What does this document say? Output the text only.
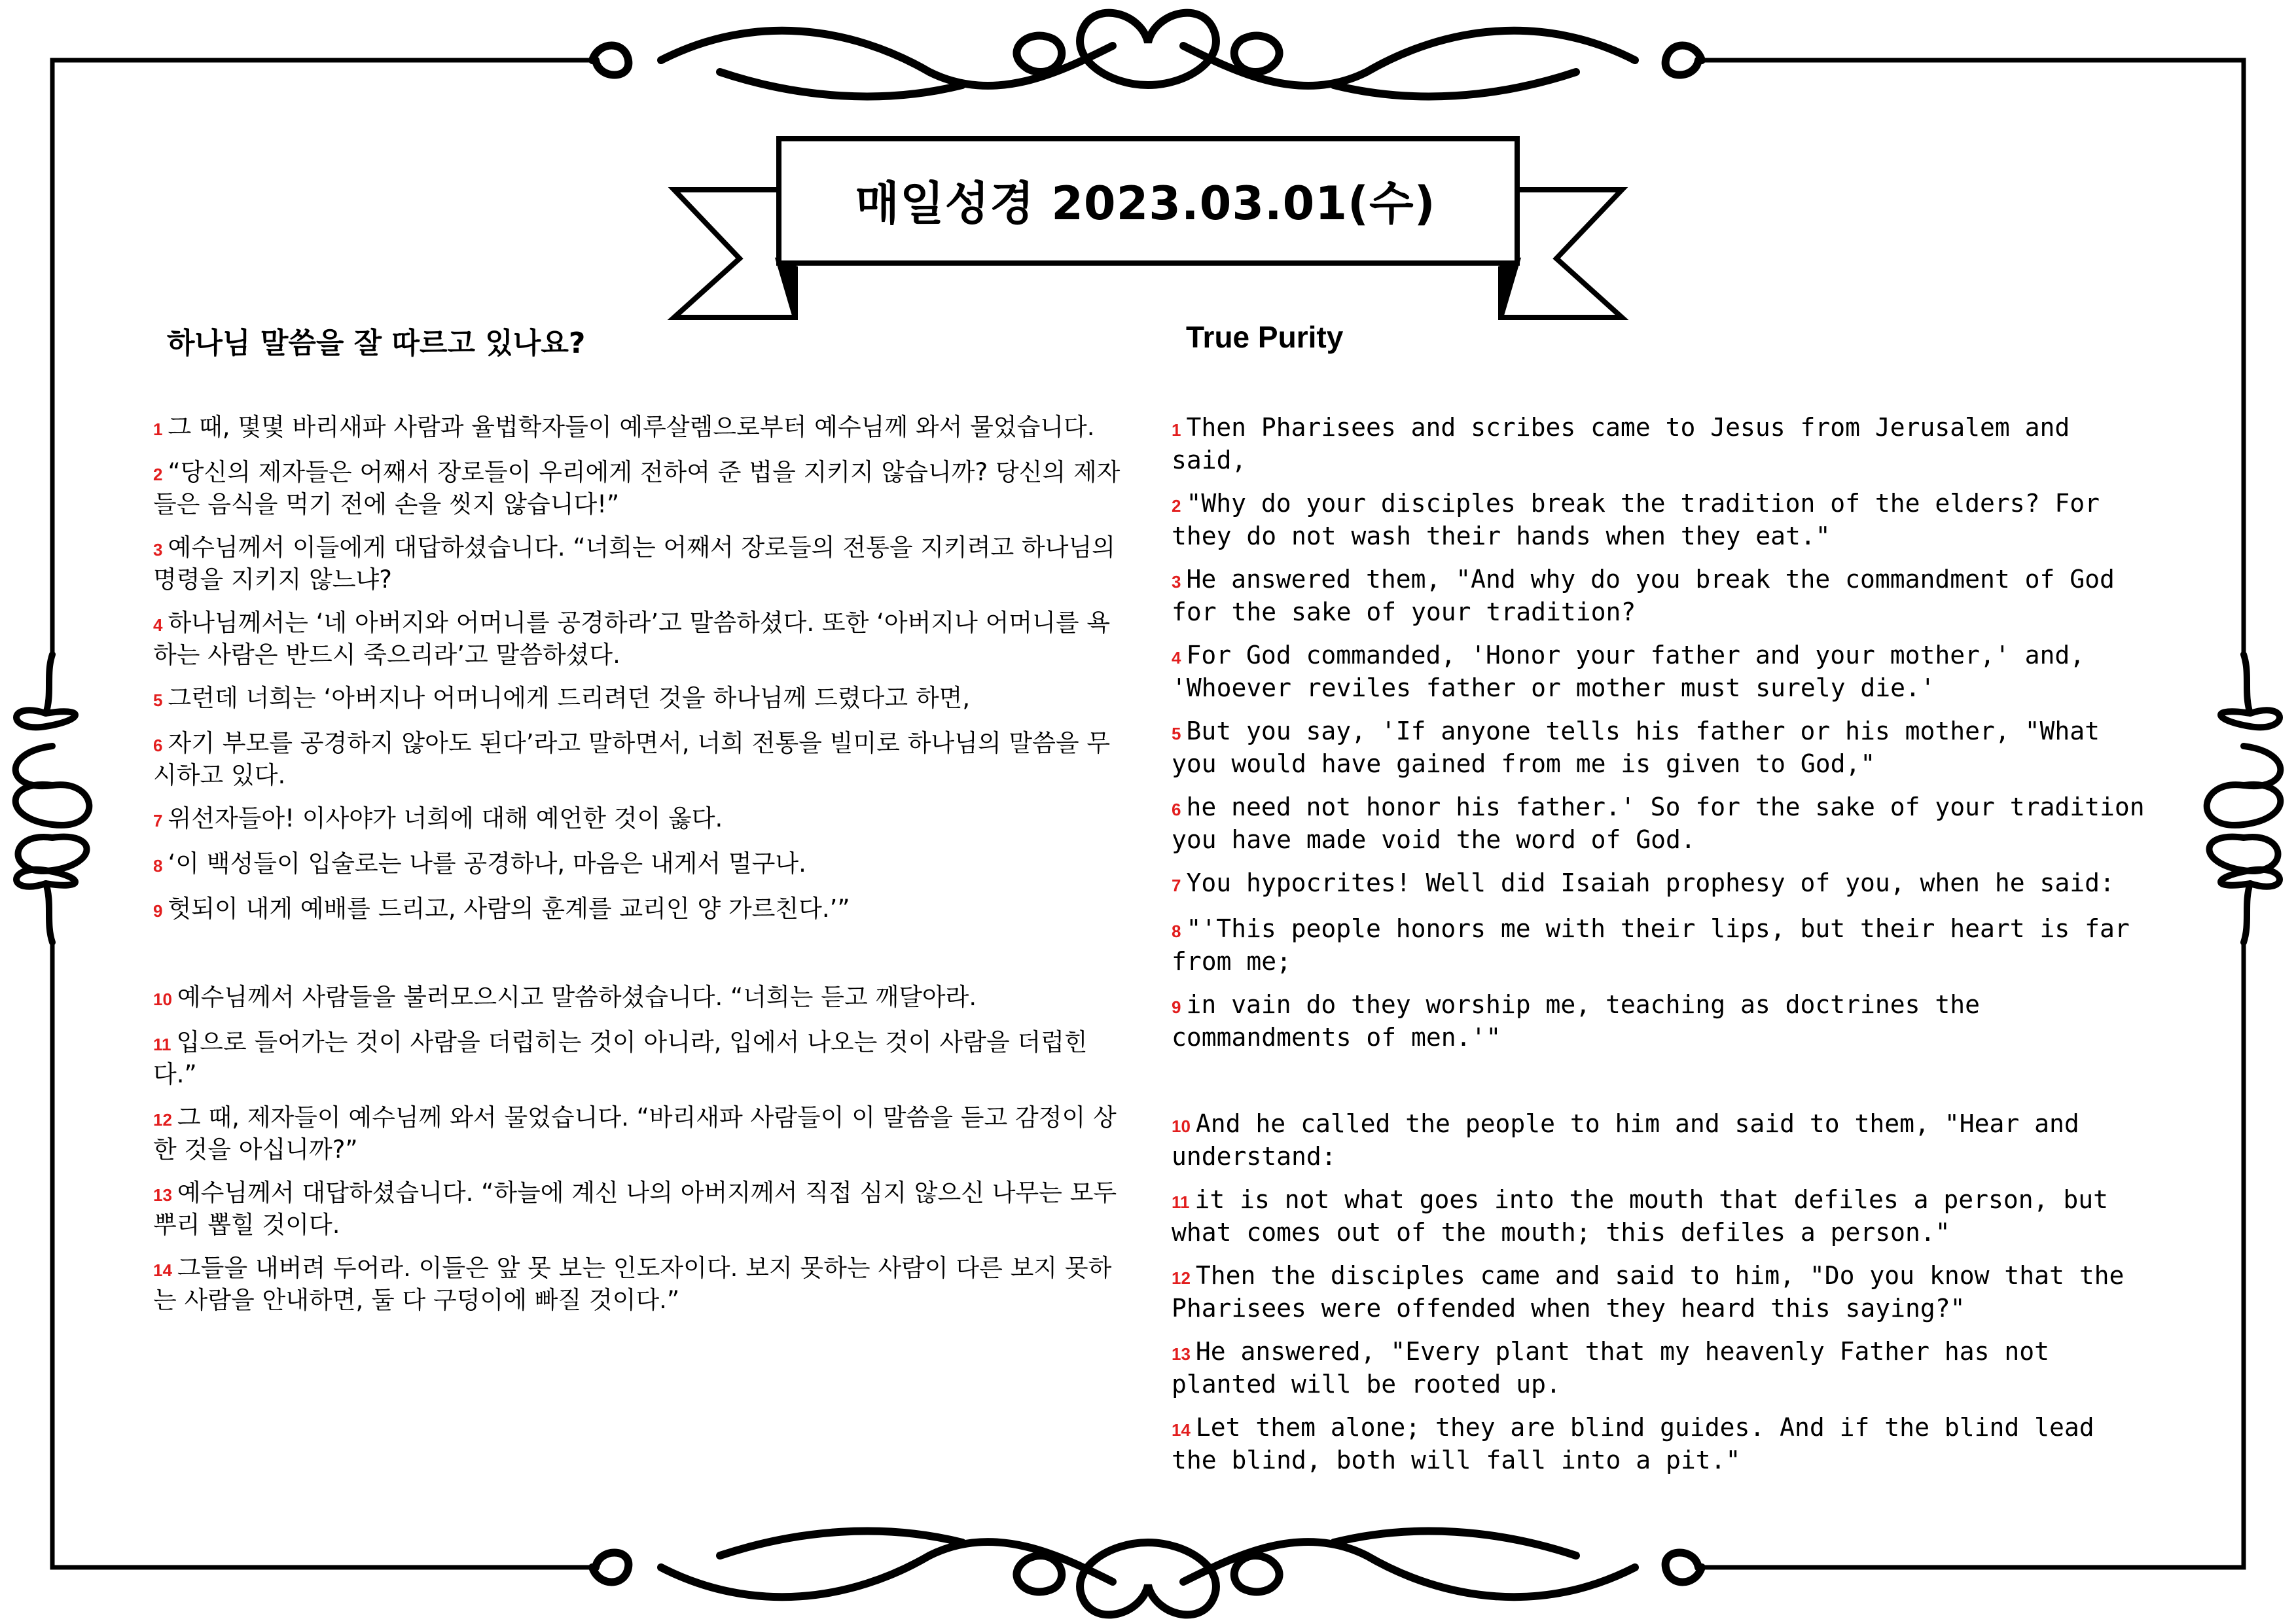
매일성경 2023.03.01(수)
하나님 말씀을 잘 따르고 있나요?	True Purity
1 그 때, 몇몇 바리새파 사람과 율법학자들이 예루살렘으로부터 예수님께 와서 물었습니다.
2 “당신의 제자들은 어째서 장로들이 우리에게 전하여 준 법을 지키지 않습니까? 당신의 제자들은 음식을 먹기 전에 손을 씻지 않습니다!”
3 예수님께서 이들에게 대답하셨습니다. “너희는 어째서 장로들의 전통을 지키려고 하나님의 명령을 지키지 않느냐?
4 하나님께서는 ‘네 아버지와 어머니를 공경하라’고 말씀하셨다. 또한 ‘아버지나 어머니를 욕하는 사람은 반드시 죽으리라’고 말씀하셨다.
5 그런데 너희는 ‘아버지나 어머니에게 드리려던 것을 하나님께 드렸다고 하면,
6 자기 부모를 공경하지 않아도 된다’라고 말하면서, 너희 전통을 빌미로 하나님의 말씀을 무시하고 있다.
7 위선자들아! 이사야가 너희에 대해 예언한 것이 옳다.
8 ‘이 백성들이 입술로는 나를 공경하나, 마음은 내게서 멀구나.
9 헛되이 내게 예배를 드리고, 사람의 훈계를 교리인 양 가르친다.’”
10 예수님께서 사람들을 불러모으시고 말씀하셨습니다. “너희는 듣고 깨달아라.
11 입으로 들어가는 것이 사람을 더럽히는 것이 아니라, 입에서 나오는 것이 사람을 더럽힌다.”
12 그 때, 제자들이 예수님께 와서 물었습니다. “바리새파 사람들이 이 말씀을 듣고 감정이 상한 것을 아십니까?”
13 예수님께서 대답하셨습니다. “하늘에 계신 나의 아버지께서 직접 심지 않으신 나무는 모두 뿌리 뽑힐 것이다.
14 그들을 내버려 두어라. 이들은 앞 못 보는 인도자이다. 보지 못하는 사람이 다른 보지 못하는 사람을 안내하면, 둘 다 구덩이에 빠질 것이다.”
1 Then Pharisees and scribes came to Jesus from Jerusalem and said,
2 "Why do your disciples break the tradition of the elders? For they do not wash their hands when they eat."
3 He answered them, "And why do you break the commandment of God for the sake of your tradition?
4 For God commanded, 'Honor your father and your mother,' and, 'Whoever reviles father or mother must surely die.'
5 But you say, 'If anyone tells his father or his mother, "What you would have gained from me is given to God,"
6 he need not honor his father.' So for the sake of your tradition you have made void the word of God.
7 You hypocrites! Well did Isaiah prophesy of you, when he said:
8 "'This people honors me with their lips, but their heart is far from me;
9 in vain do they worship me, teaching as doctrines the commandments of men.'"
10 And he called the people to him and said to them, "Hear and understand:
11 it is not what goes into the mouth that defiles a person, but what comes out of the mouth; this defiles a person."
12 Then the disciples came and said to him, "Do you know that the Pharisees were offended when they heard this saying?"
13 He answered, "Every plant that my heavenly Father has not planted will be rooted up.
14 Let them alone; they are blind guides. And if the blind lead the blind, both will fall into a pit."
